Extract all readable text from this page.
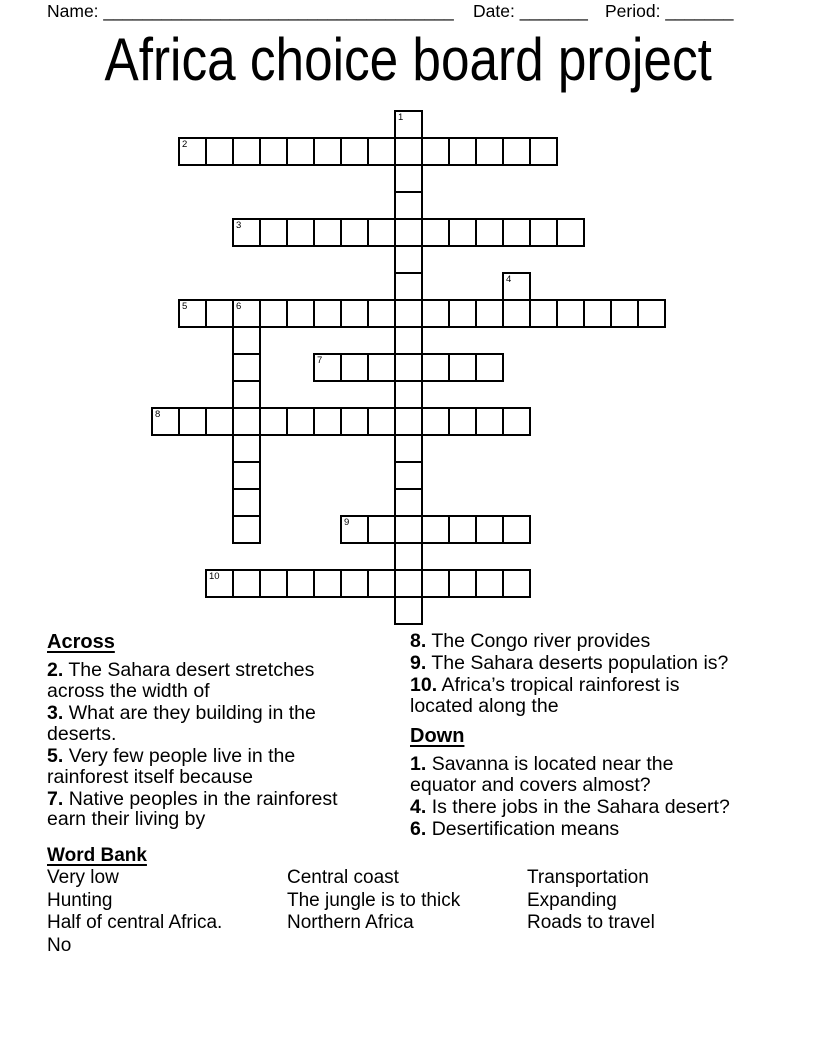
Name: ____________________________________ Date: _______ Period: _______
Africa choice board project
1
2
3
4
5	6
7
8
9
10
Across

2. The Sahara desert stretches across the width of

3. What are they building in the deserts.

5. Very few people live in the rainforest itself because

7. Native peoples in the rainforest earn their living by

8. The Congo river provides

9. The Sahara deserts population is?

10. Africa’s tropical rainforest is located along the

Down

1. Savanna is located near the equator and covers almost?

4. Is there jobs in the Sahara desert?

6. Desertification means

Word Bank
Very low
Hunting
Half of central Africa.
No
Central coast
The jungle is to thick
Northern Africa
Transportation
Expanding
Roads to travel
